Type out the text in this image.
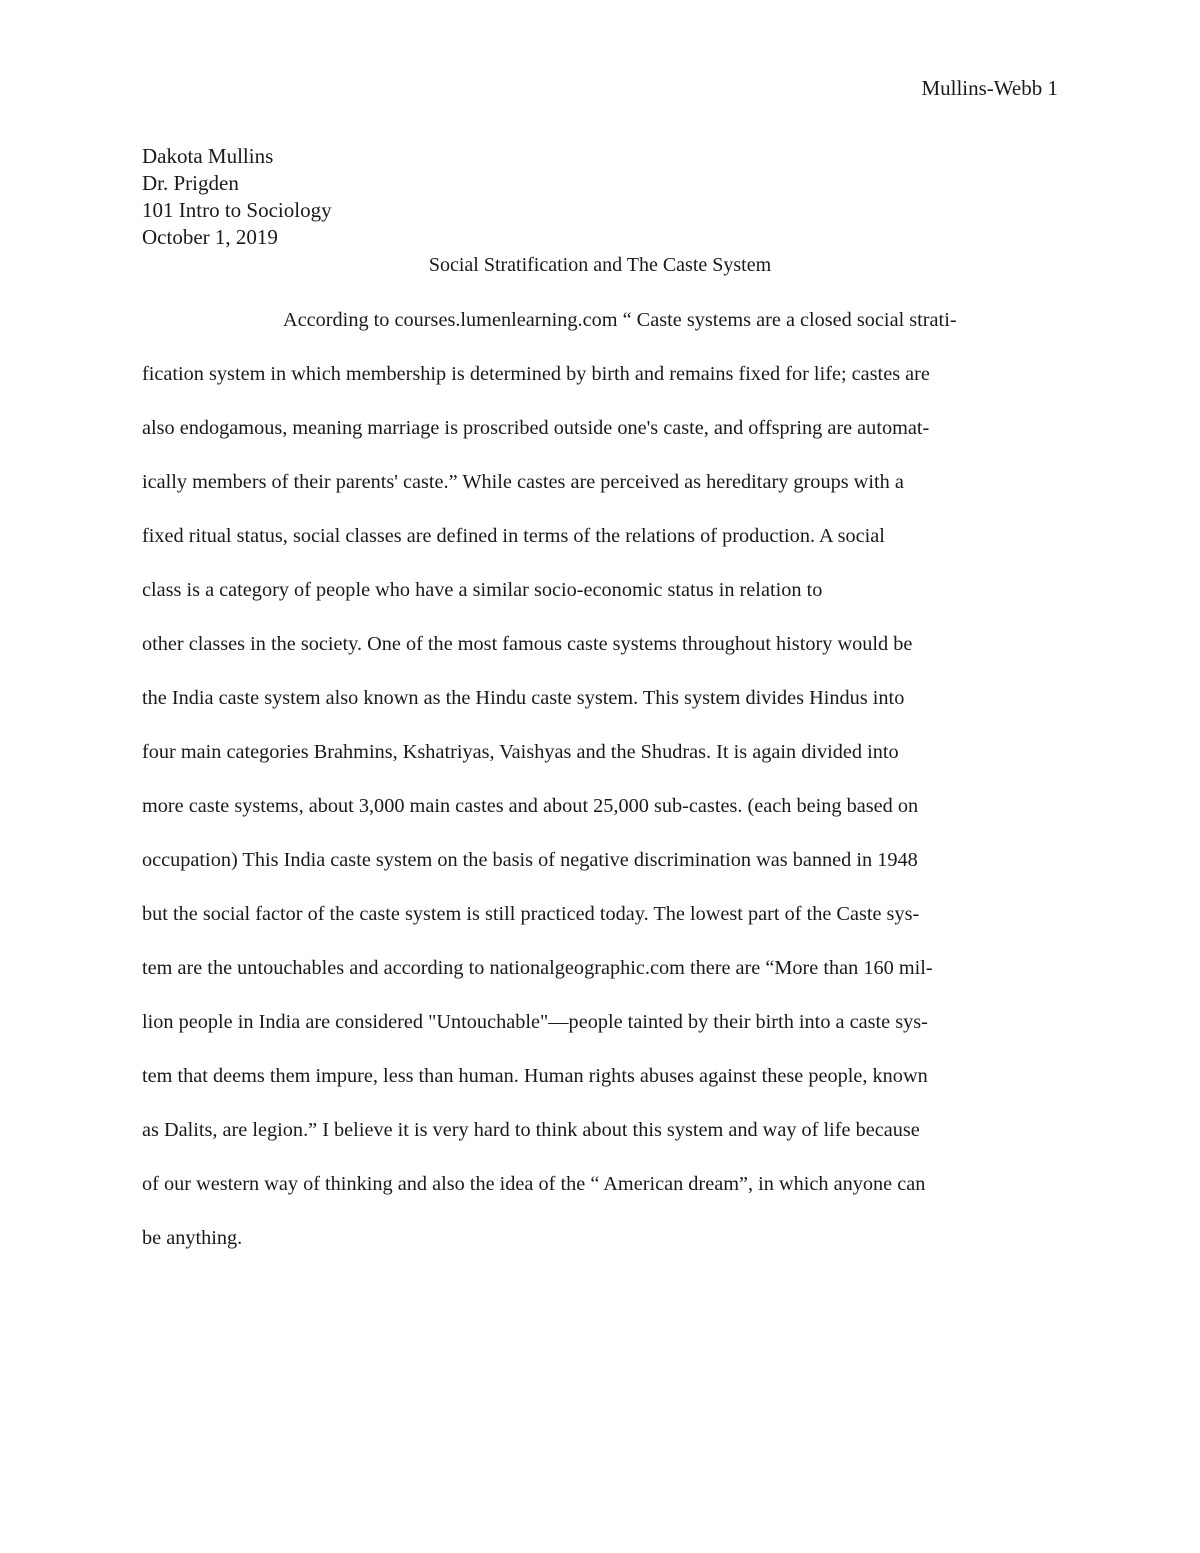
Mullins-Webb 1
Dakota Mullins
Dr. Prigden
101 Intro to Sociology
October 1, 2019
Social Stratification and The Caste System
According to courses.lumenlearning.com “ Caste systems are a closed social strati-
fication system in which membership is determined by birth and remains fixed for life; castes are
also endogamous, meaning marriage is proscribed outside one's caste, and offspring are automat-
ically members of their parents' caste.” While castes are perceived as hereditary groups with a
fixed ritual status, social classes are defined in terms of the relations of production. A social
class is a category of people who have a similar socio-economic status in relation to
other classes in the society. One of the most famous caste systems throughout history would be
the India caste system also known as the Hindu caste system. This system divides Hindus into
four main categories Brahmins, Kshatriyas, Vaishyas and the Shudras. It is again divided into
more caste systems, about 3,000 main castes and about 25,000 sub-castes. (each being based on
occupation) This India caste system on the basis of negative discrimination was banned in 1948
but the social factor of the caste system is still practiced today. The lowest part of the Caste sys-
tem are the untouchables and according to nationalgeographic.com there are “More than 160 mil-
lion people in India are considered "Untouchable"—people tainted by their birth into a caste sys-
tem that deems them impure, less than human. Human rights abuses against these people, known
as Dalits, are legion.” I believe it is very hard to think about this system and way of life because
of our western way of thinking and also the idea of the “ American dream”, in which anyone can
be anything.
